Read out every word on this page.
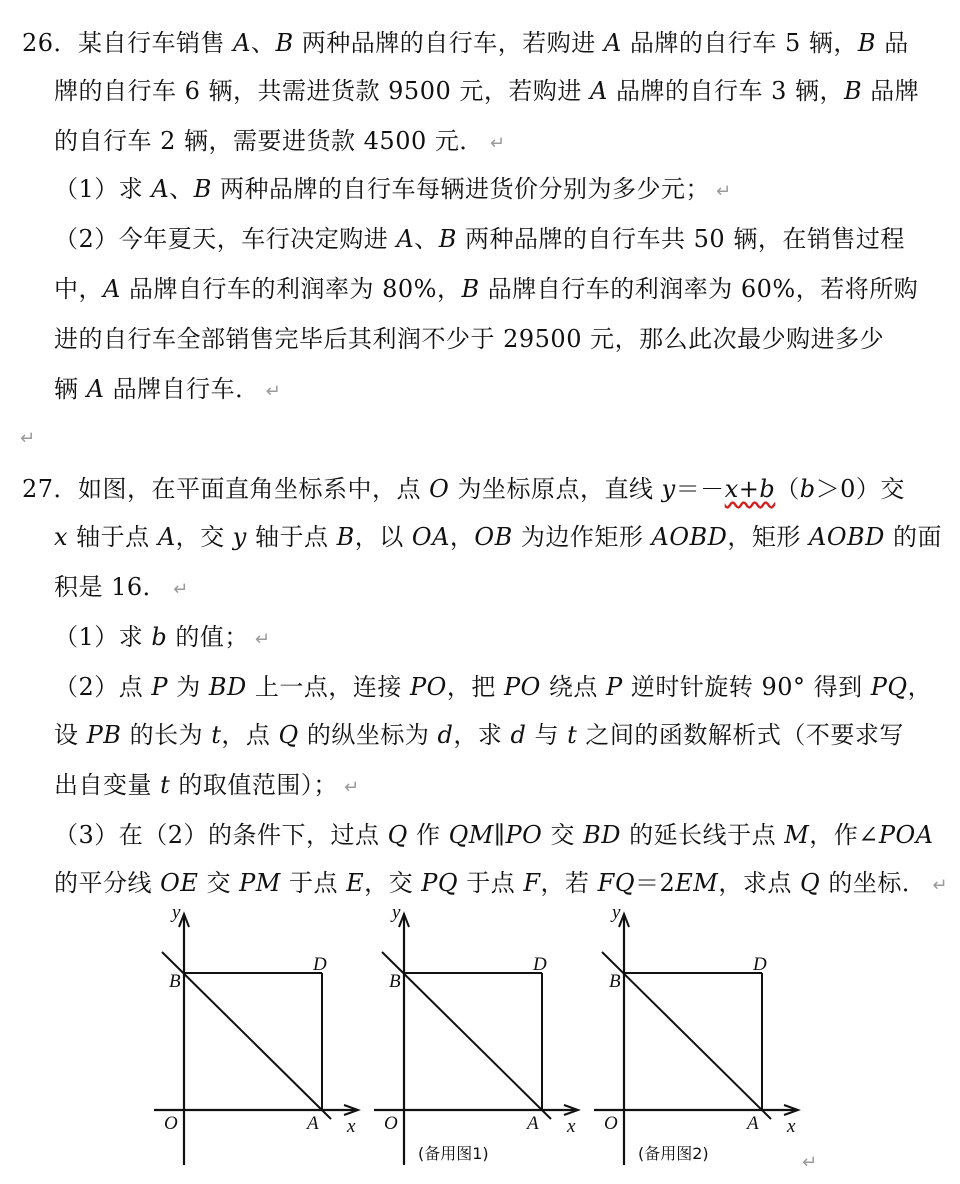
26．某自行车销售 A、B 两种品牌的自行车，若购进 A 品牌的自行车 5 辆，B 品
牌的自行车 6 辆，共需进货款 9500 元，若购进 A 品牌的自行车 3 辆，B 品牌
的自行车 2 辆，需要进货款 4500 元． ↵
（1）求 A、B 两种品牌的自行车每辆进货价分别为多少元； ↵
（2）今年夏天，车行决定购进 A、B 两种品牌的自行车共 50 辆，在销售过程
中，A 品牌自行车的利润率为 80%，B 品牌自行车的利润率为 60%，若将所购
进的自行车全部销售完毕后其利润不少于 29500 元，那么此次最少购进多少
辆 A 品牌自行车． ↵
↵
27．如图，在平面直角坐标系中，点 O 为坐标原点，直线 y＝－x+b（b＞0）交
x 轴于点 A，交 y 轴于点 B，以 OA，OB 为边作矩形 AOBD，矩形 AOBD 的面
积是 16． ↵
（1）求 b 的值； ↵
（2）点 P 为 BD 上一点，连接 PO，把 PO 绕点 P 逆时针旋转 90° 得到 PQ，
设 PB 的长为 t，点 Q 的纵坐标为 d，求 d 与 t 之间的函数解析式（不要求写
出自变量 t 的取值范围）； ↵
（3）在（2）的条件下，过点 Q 作 QM∥PO 交 BD 的延长线于点 M，作∠POA
的平分线 OE 交 PM 于点 E，交 PQ 于点 F，若 FQ＝2EM，求点 Q 的坐标． ↵
y
x
O	A
B
D
y
x
O	A
B
D
(备用图1)
y
x
O	A
B
D
(备用图2)	↵
